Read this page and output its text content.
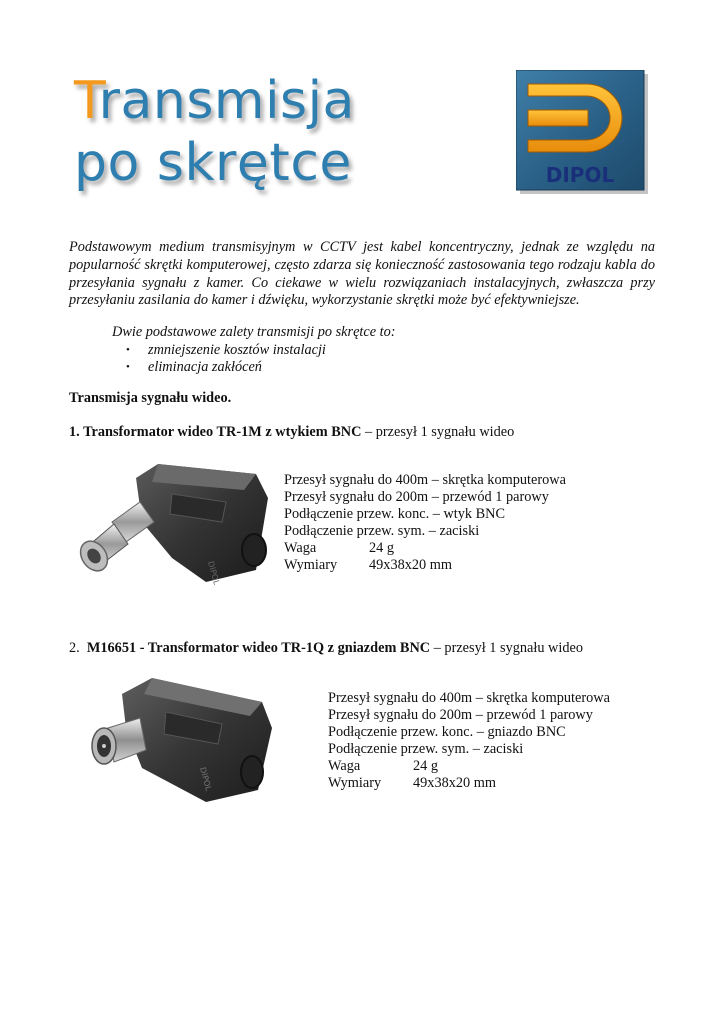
Transmisja
po skrętce	DIPOL

Podstawowym medium transmisyjnym w CCTV jest kabel koncentryczny, jednak ze względu na popularność skrętki komputerowej, często zdarza się konieczność zastosowania tego rodzaju kabla do przesyłania sygnału z kamer. Co ciekawe w wielu rozwiązaniach instalacyjnych, zwłaszcza przy przesyłaniu zasilania do kamer i dźwięku, wykorzystanie skrętki może być efektywniejsze.

Dwie podstawowe zalety transmisji po skrętce to:
• zmniejszenie kosztów instalacji
• eliminacja zakłóceń

Transmisja sygnału wideo.

1. Transformator wideo TR-1M z wtykiem BNC – przesył 1 sygnału wideo

DIPOL
Przesył sygnału do 400m – skrętka komputerowa
Przesył sygnału do 200m – przewód 1 parowy
Podłączenie przew. konc. – wtyk BNC
Podłączenie przew. sym. – zaciski
Waga	24 g
Wymiary	49x38x20 mm

2. M16651 - Transformator wideo TR-1Q z gniazdem BNC – przesył 1 sygnału wideo

DIPOL
Przesył sygnału do 400m – skrętka komputerowa
Przesył sygnału do 200m – przewód 1 parowy
Podłączenie przew. konc. – gniazdo BNC
Podłączenie przew. sym. – zaciski
Waga	24 g
Wymiary	49x38x20 mm
